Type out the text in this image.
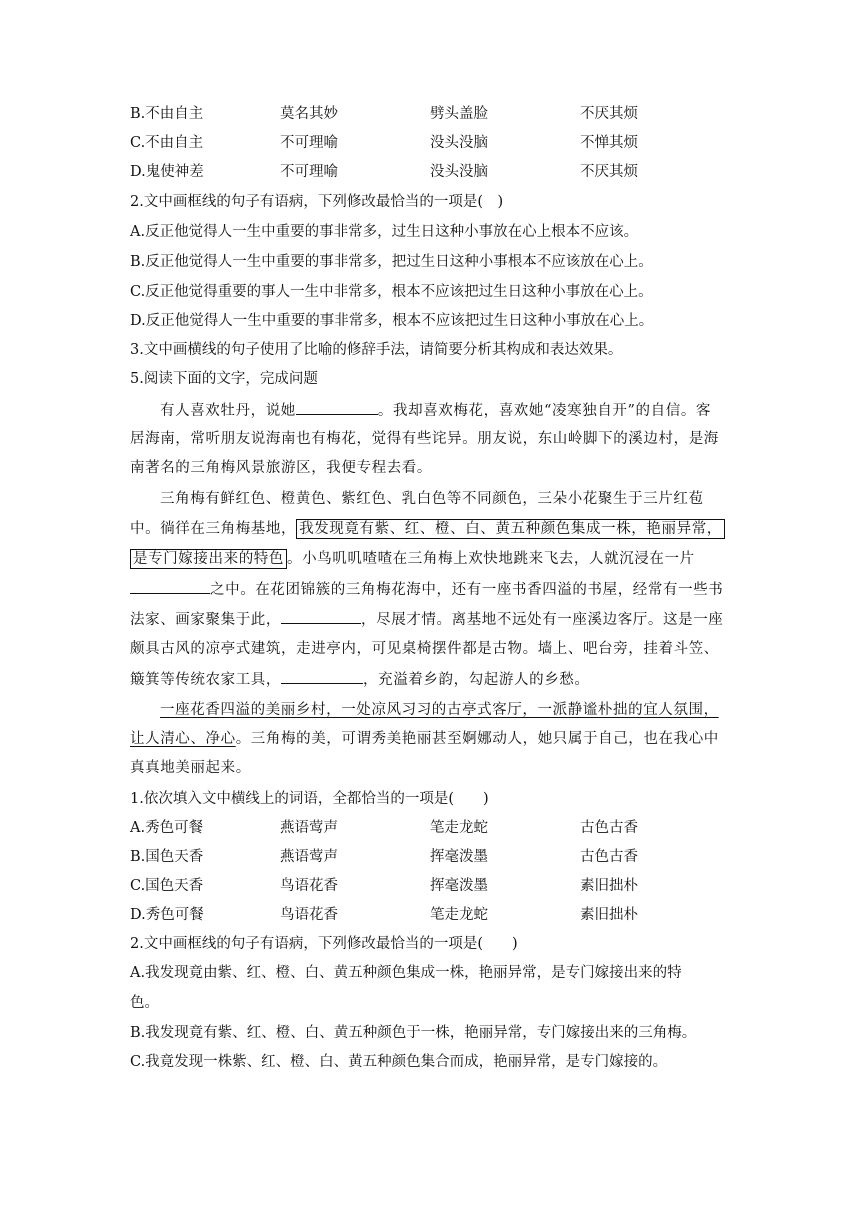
B.不由自主	莫名其妙	劈头盖脸	不厌其烦
C.不由自主	不可理喻	没头没脑	不惮其烦
D.鬼使神差	不可理喻	没头没脑	不厌其烦
2.文中画框线的句子有语病，下列修改最恰当的一项是(　)
A.反正他觉得人一生中重要的事非常多，过生日这种小事放在心上根本不应该。
B.反正他觉得人一生中重要的事非常多，把过生日这种小事根本不应该放在心上。
C.反正他觉得重要的事人一生中非常多，根本不应该把过生日这种小事放在心上。
D.反正他觉得人一生中重要的事非常多，根本不应该把过生日这种小事放在心上。
3.文中画横线的句子使用了比喻的修辞手法，请简要分析其构成和表达效果。
5.阅读下面的文字，完成问题
有人喜欢牡丹，说她	。我却喜欢梅花，喜欢她“凌寒独自开”的自信。客
居海南，常听朋友说海南也有梅花，觉得有些诧异。朋友说，东山岭脚下的溪边村，是海
南著名的三角梅风景旅游区，我便专程去看。
三角梅有鲜红色、橙黄色、紫红色、乳白色等不同颜色，三朵小花聚生于三片红苞
中。徜徉在三角梅基地， 我发现竟有紫、红、橙、白、黄五种颜色集成一株，艳丽异常，
是专门嫁接出来的特色 。小鸟叽叽喳喳在三角梅上欢快地跳来飞去，人就沉浸在一片
之中。在花团锦簇的三角梅花海中，还有一座书香四溢的书屋，经常有一些书
法家、画家聚集于此，	，尽展才情。离基地不远处有一座溪边客厅。这是一座
颇具古风的凉亭式建筑，走进亭内，可见桌椅摆件都是古物。墙上、吧台旁，挂着斗笠、
簸箕等传统农家工具，	，充溢着乡韵，勾起游人的乡愁。
一座花香四溢的美丽乡村，一处凉风习习的古亭式客厅，一派静谧朴拙的宜人氛围，
让人清心、净心。三角梅的美，可谓秀美艳丽甚至婀娜动人，她只属于自己，也在我心中
真真地美丽起来。
1.依次填入文中横线上的词语，全都恰当的一项是(　　)
A.秀色可餐	燕语莺声	笔走龙蛇	古色古香
B.国色天香	燕语莺声	挥毫泼墨	古色古香
C.国色天香	鸟语花香	挥毫泼墨	素旧拙朴
D.秀色可餐	鸟语花香	笔走龙蛇	素旧拙朴
2.文中画框线的句子有语病，下列修改最恰当的一项是(　　)
A.我发现竟由紫、红、橙、白、黄五种颜色集成一株，艳丽异常，是专门嫁接出来的特
色。
B.我发现竟有紫、红、橙、白、黄五种颜色于一株，艳丽异常，专门嫁接出来的三角梅。
C.我竟发现一株紫、红、橙、白、黄五种颜色集合而成，艳丽异常，是专门嫁接的。
